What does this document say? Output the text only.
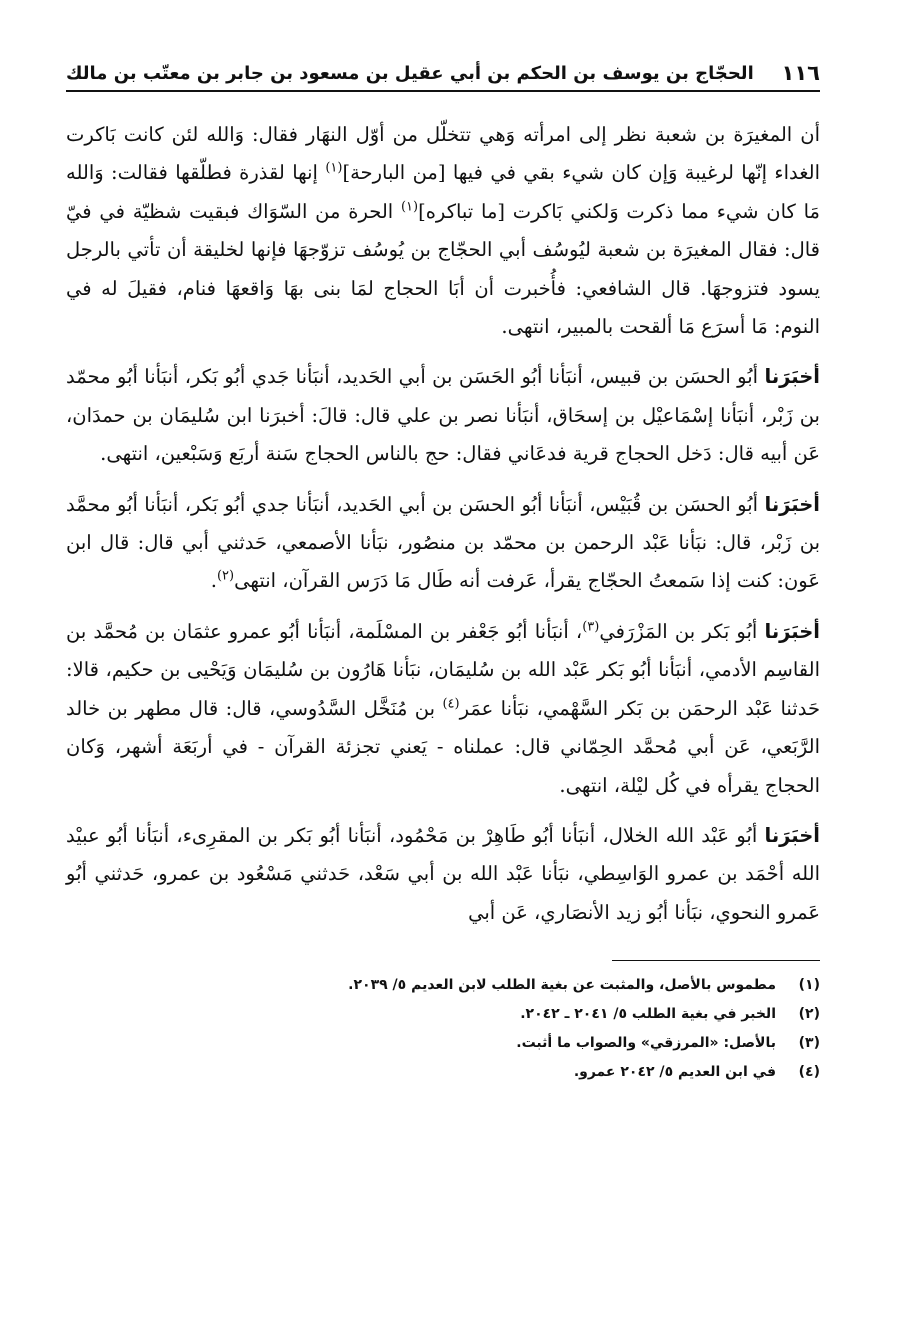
١١٦
الحجّاج بن يوسف بن الحكم بن أبي عقيل بن مسعود بن جابر بن معتّب بن مالك

أن المغيرَة بن شعبة نظر إلى امرأته وَهي تتخلّل من أوّل النهَار فقال: وَالله لئن كانت بَاكرت الغداء إنّها لرغيبة وَإن كان شيء بقي في فيها [من البارحة]$^{(١)}$ إنها لقذرة فطلّقها فقالت: وَالله مَا كان شيء مما ذكرت وَلكني بَاكرت [ما تباكره]$^{(١)}$ الحرة من السّوَاك فبقيت شظيّة في فيّ قال: فقال المغيرَة بن شعبة ليُوسُف أبي الحجّاج بن يُوسُف تزوّجهَا فإنها لخليقة أن تأتي بالرجل يسود فتزوجهَا. قال الشافعي: فأُخبرت أن أبَا الحجاج لمَا بنى بهَا وَاقعهَا فنام، فقيلَ له في النوم: مَا أسرَع مَا ألقحت بالمبير، انتهى.

أخبَرَنا أبُو الحسَن بن قبيس، أنبَأنا أبُو الحَسَن بن أبي الحَديد، أنبَأنا جَدي أبُو بَكر، أنبَأنا أبُو محمّد بن زَبْر، أنبَأنا إسْمَاعيْل بن إسحَاق، أنبَأنا نصر بن علي قال: قالَ: أخبرَنا ابن سُليمَان بن حمدَان، عَن أبيه قال: دَخل الحجاج قرية فدعَاني فقال: حج بالناس الحجاج سَنة أربَع وَسَبْعين، انتهى.

أخبَرَنا أبُو الحسَن بن قُبَيْس، أنبَأنا أبُو الحسَن بن أبي الحَديد، أنبَأنا جدي أبُو بَكر، أنبَأنا أبُو محمَّد بن زَبْر، قال: نبَأنا عَبْد الرحمن بن محمّد بن منصُور، نبَأنا الأصمعي، حَدثني أبي قال: قال ابن عَون: كنت إذا سَمعتُ الحجّاج يقرأ، عَرفت أنه طَال مَا دَرَس القرآن، انتهى$^{(٢)}$.

أخبَرَنا أبُو بَكر بن المَزْرَفي$^{(٣)}$، أنبَأنا أبُو جَعْفر بن المسْلَمة، أنبَأنا أبُو عمرو عثمَان بن مُحمَّد بن القاسِم الأدمي، أنبَأنا أبُو بَكر عَبْد الله بن سُليمَان، نبَأنا هَارُون بن سُليمَان وَيَحْيى بن حكيم، قالا: حَدثنا عَبْد الرحمَن بن بَكر السَّهْمي، نبَأنا عمَر$^{(٤)}$ بن مُنَخَّل السَّدُوسي، قال: قال مطهر بن خالد الرَّبَعي، عَن أبي مُحمَّد الحِمّاني قال: عملناه - يَعني تجزئة القرآن - في أربَعَة أشهر، وَكان الحجاج يقرأه في كُل ليْلة، انتهى.

أخبَرَنا أبُو عَبْد الله الخلال، أنبَأنا أبُو طَاهِرْ بن مَحْمُود، أنبَأنا أبُو بَكر بن المقرِىء، أنبَأنا أبُو عبيْد الله أحْمَد بن عمرو الوَاسِطي، نبَأنا عَبْد الله بن أبي سَعْد، حَدثني مَسْعُود بن عمرو، حَدثني أبُو عَمرو النحوي، نبَأنا أبُو زيد الأنصَاري، عَن أبي

(١)
مطموس بالأصل، والمثبت عن بغية الطلب لابن العديم ٥/ ٢٠٣٩.
(٢)
الخبر في بغية الطلب ٥/ ٢٠٤١ ـ ٢٠٤٢.
(٣)
بالأصل: «المرزقي» والصواب ما أثبت.
(٤)
في ابن العديم ٥/ ٢٠٤٢ عمرو.
